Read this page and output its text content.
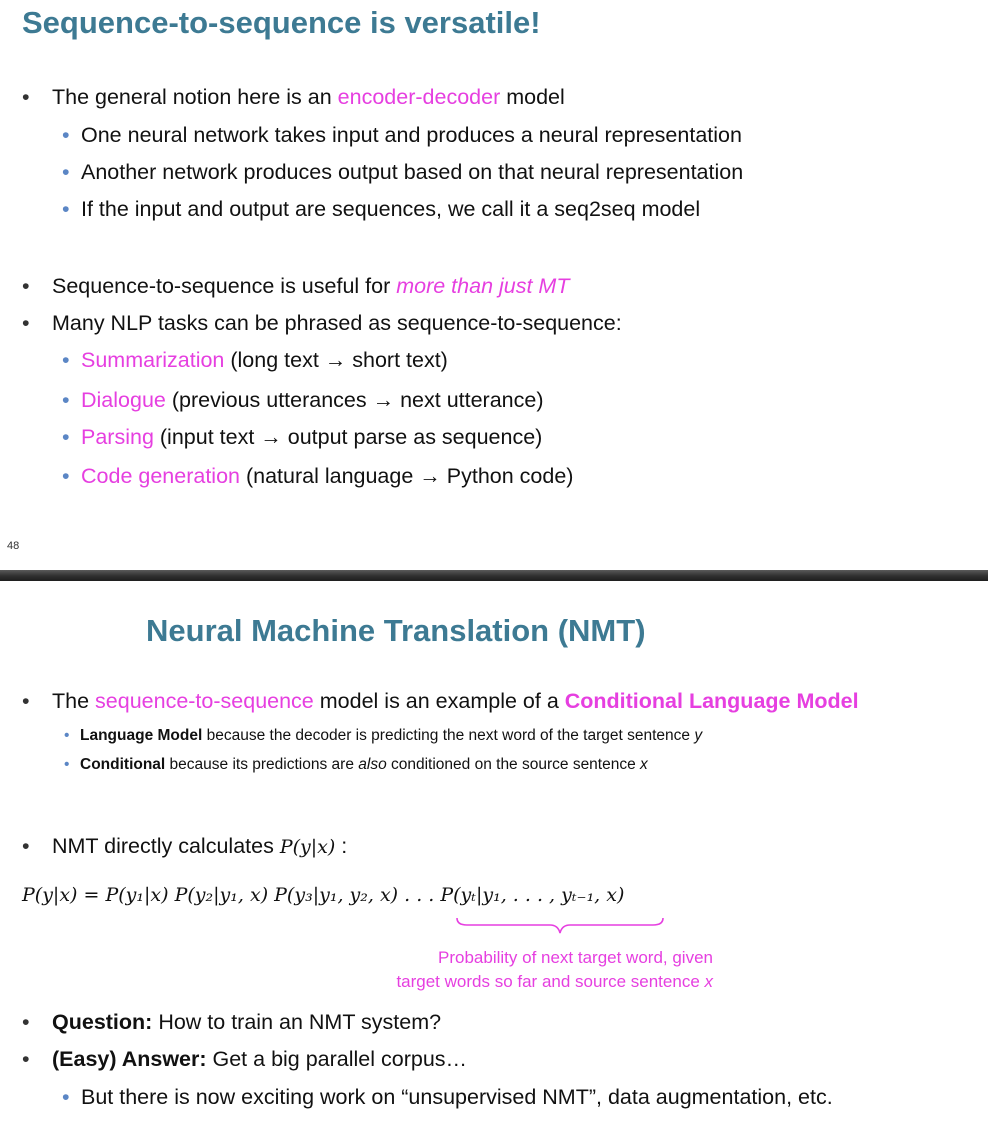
Sequence-to-sequence is versatile!
• The general notion here is an encoder-decoder model
• One neural network takes input and produces a neural representation
• Another network produces output based on that neural representation
• If the input and output are sequences, we call it a seq2seq model
• Sequence-to-sequence is useful for more than just MT
• Many NLP tasks can be phrased as sequence-to-sequence:
• Summarization (long text → short text)
• Dialogue (previous utterances → next utterance)
• Parsing (input text → output parse as sequence)
• Code generation (natural language → Python code)
48
Neural Machine Translation (NMT)
• The sequence-to-sequence model is an example of a Conditional Language Model
• Language Model because the decoder is predicting the next word of the target sentence y
• Conditional because its predictions are also conditioned on the source sentence x
• NMT directly calculates P(y|x) :
P(y|x) = P(y₁|x) P(y₂|y₁, x) P(y₃|y₁, y₂, x) . . . P(yₜ|y₁, . . . , yₜ₋₁, x)
Probability of next target word, given
target words so far and source sentence x
• Question: How to train an NMT system?
• (Easy) Answer: Get a big parallel corpus…
• But there is now exciting work on “unsupervised NMT”, data augmentation, etc.
